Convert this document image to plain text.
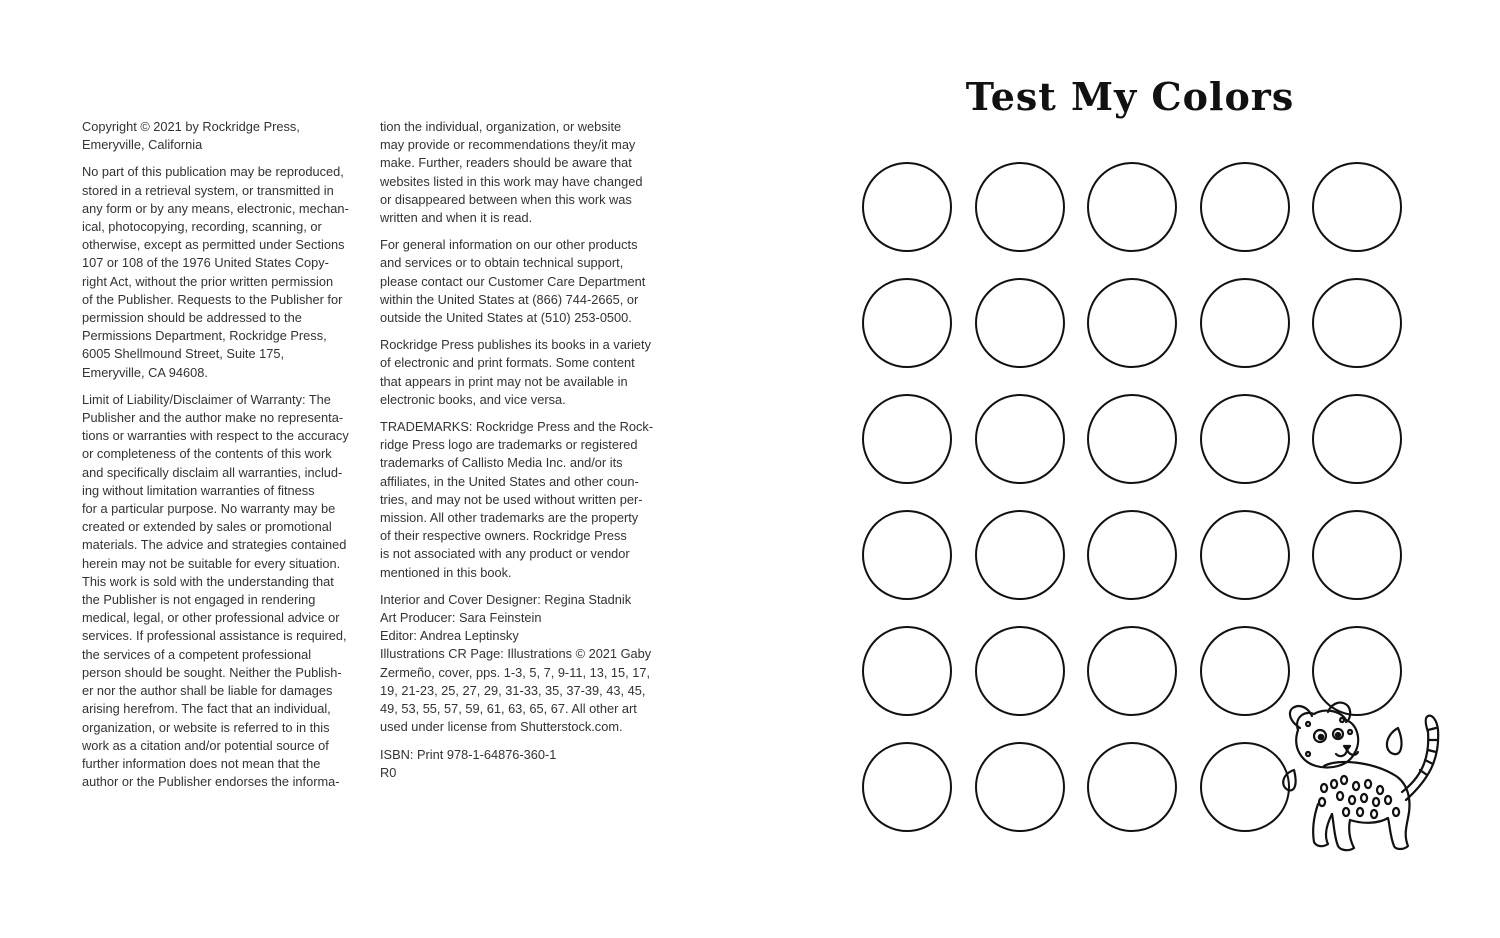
Copyright © 2021 by Rockridge Press,
Emeryville, California

No part of this publication may be reproduced,
stored in a retrieval system, or transmitted in
any form or by any means, electronic, mechan-
ical, photocopying, recording, scanning, or
otherwise, except as permitted under Sections
107 or 108 of the 1976 United States Copy-
right Act, without the prior written permission
of the Publisher. Requests to the Publisher for
permission should be addressed to the
Permissions Department, Rockridge Press,
6005 Shellmound Street, Suite 175,
Emeryville, CA 94608.

Limit of Liability/Disclaimer of Warranty: The
Publisher and the author make no representa-
tions or warranties with respect to the accuracy
or completeness of the contents of this work
and specifically disclaim all warranties, includ-
ing without limitation warranties of fitness
for a particular purpose. No warranty may be
created or extended by sales or promotional
materials. The advice and strategies contained
herein may not be suitable for every situation.
This work is sold with the understanding that
the Publisher is not engaged in rendering
medical, legal, or other professional advice or
services. If professional assistance is required,
the services of a competent professional
person should be sought. Neither the Publish-
er nor the author shall be liable for damages
arising herefrom. The fact that an individual,
organization, or website is referred to in this
work as a citation and/or potential source of
further information does not mean that the
author or the Publisher endorses the informa-

tion the individual, organization, or website
may provide or recommendations they/it may
make. Further, readers should be aware that
websites listed in this work may have changed
or disappeared between when this work was
written and when it is read.

For general information on our other products
and services or to obtain technical support,
please contact our Customer Care Department
within the United States at (866) 744-2665, or
outside the United States at (510) 253-0500.

Rockridge Press publishes its books in a variety
of electronic and print formats. Some content
that appears in print may not be available in
electronic books, and vice versa.

TRADEMARKS: Rockridge Press and the Rock-
ridge Press logo are trademarks or registered
trademarks of Callisto Media Inc. and/or its
affiliates, in the United States and other coun-
tries, and may not be used without written per-
mission. All other trademarks are the property
of their respective owners. Rockridge Press
is not associated with any product or vendor
mentioned in this book.

Interior and Cover Designer: Regina Stadnik
Art Producer: Sara Feinstein
Editor: Andrea Leptinsky
Illustrations CR Page: Illustrations © 2021 Gaby
Zermeño, cover, pps. 1-3, 5, 7, 9-11, 13, 15, 17,
19, 21-23, 25, 27, 29, 31-33, 35, 37-39, 43, 45,
49, 53, 55, 57, 59, 61, 63, 65, 67. All other art
used under license from Shutterstock.com.

ISBN: Print 978-1-64876-360-1
R0

Test My Colors
